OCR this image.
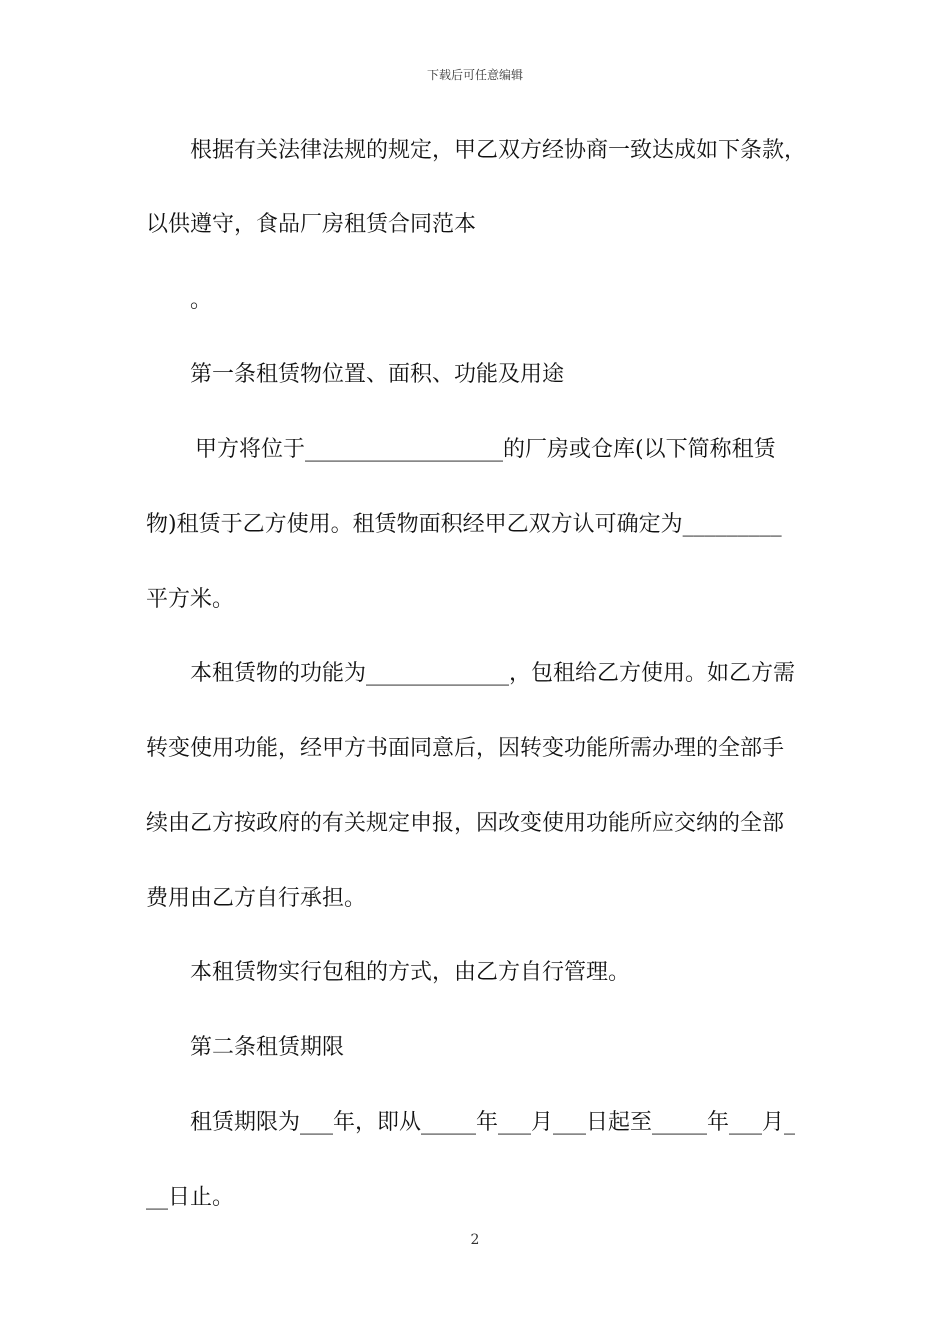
下载后可任意编辑
根据有关法律法规的规定，甲乙双方经协商一致达成如下条款，
以供遵守，食品厂房租赁合同范本
。
第一条租赁物位置、面积、功能及用途
甲方将位于__________________的厂房或仓库(以下简称租赁
物)租赁于乙方使用。租赁物面积经甲乙双方认可确定为_________
平方米。
本租赁物的功能为_____________，包租给乙方使用。如乙方需
转变使用功能，经甲方书面同意后，因转变功能所需办理的全部手
续由乙方按政府的有关规定申报，因改变使用功能所应交纳的全部
费用由乙方自行承担。
本租赁物实行包租的方式，由乙方自行管理。
第二条租赁期限
租赁期限为___年，即从_____年___月___日起至_____年___月_
__日止。
2
